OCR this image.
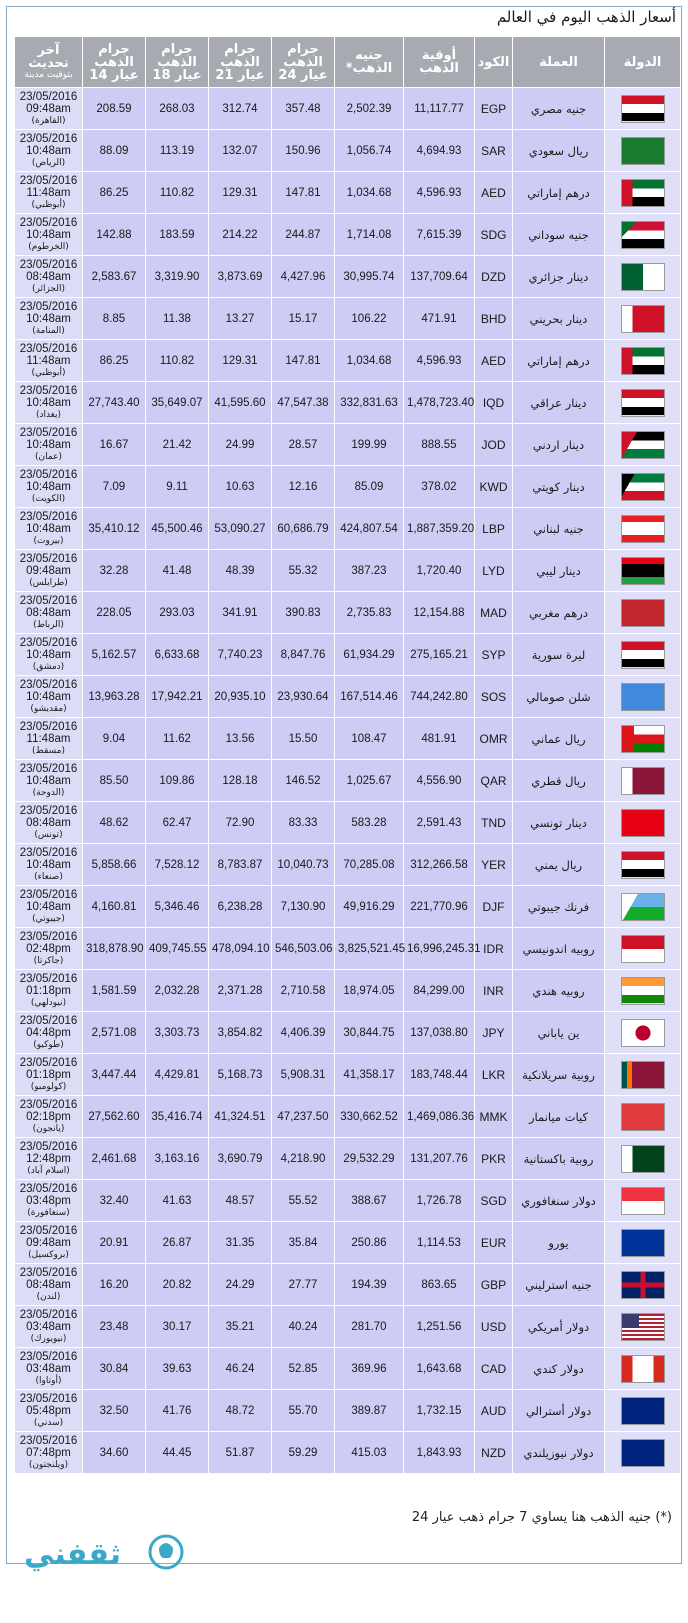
أسعار الذهب اليوم في العالم
الدولة	العملة	الكود	أوقية الذهب	جنيه الذهب*	جرام الذهب عيار 24	جرام الذهب عيار 21	جرام الذهب عيار 18	جرام الذهب عيار 14	آخر تحديث
بتوقيت مدينة

	جنيه مصري	EGP	11,117.77	2,502.39	357.48	312.74	268.03	208.59	23/05/2016
09:48am
(القاهرة)

	ريال سعودي	SAR	4,694.93	1,056.74	150.96	132.07	113.19	88.09	23/05/2016
10:48am
(الرياض)

	درهم إماراتي	AED	4,596.93	1,034.68	147.81	129.31	110.82	86.25	23/05/2016
11:48am
(أبوظبي)

	جنيه سوداني	SDG	7,615.39	1,714.08	244.87	214.22	183.59	142.88	23/05/2016
10:48am
(الخرطوم)

	دينار جزائري	DZD	137,709.64	30,995.74	4,427.96	3,873.69	3,319.90	2,583.67	23/05/2016
08:48am
(الجزائر)

	دينار بحريني	BHD	471.91	106.22	15.17	13.27	11.38	8.85	23/05/2016
10:48am
(المنامة)

	درهم إماراتي	AED	4,596.93	1,034.68	147.81	129.31	110.82	86.25	23/05/2016
11:48am
(أبوظبي)

	دينار عراقي	IQD	1,478,723.40	332,831.63	47,547.38	41,595.60	35,649.07	27,743.40	23/05/2016
10:48am
(بغداد)

	دينار اردني	JOD	888.55	199.99	28.57	24.99	21.42	16.67	23/05/2016
10:48am
(عمان)

	دينار كويتي	KWD	378.02	85.09	12.16	10.63	9.11	7.09	23/05/2016
10:48am
(الكويت)

	جنيه لبناني	LBP	1,887,359.20	424,807.54	60,686.79	53,090.27	45,500.46	35,410.12	23/05/2016
10:48am
(بيروت)

	دينار ليبي	LYD	1,720.40	387.23	55.32	48.39	41.48	32.28	23/05/2016
09:48am
(طرابلس)

	درهم مغربي	MAD	12,154.88	2,735.83	390.83	341.91	293.03	228.05	23/05/2016
08:48am
(الرباط)

	ليرة سورية	SYP	275,165.21	61,934.29	8,847.76	7,740.23	6,633.68	5,162.57	23/05/2016
10:48am
(دمشق)

	شلن صومالي	SOS	744,242.80	167,514.46	23,930.64	20,935.10	17,942.21	13,963.28	23/05/2016
10:48am
(مقديشو)

	ريال عماني	OMR	481.91	108.47	15.50	13.56	11.62	9.04	23/05/2016
11:48am
(مسقط)

	ريال قطري	QAR	4,556.90	1,025.67	146.52	128.18	109.86	85.50	23/05/2016
10:48am
(الدوحة)

	دينار تونسي	TND	2,591.43	583.28	83.33	72.90	62.47	48.62	23/05/2016
08:48am
(تونس)

	ريال يمني	YER	312,266.58	70,285.08	10,040.73	8,783.87	7,528.12	5,858.66	23/05/2016
10:48am
(صنعاء)

	فرنك جيبوتي	DJF	221,770.96	49,916.29	7,130.90	6,238.28	5,346.46	4,160.81	23/05/2016
10:48am
(جيبوتي)

	روبيه اندونيسي	IDR	16,996,245.31	3,825,521.45	546,503.06	478,094.10	409,745.55	318,878.90	23/05/2016
02:48pm
(جاكرتا)

	روبيه هندي	INR	84,299.00	18,974.05	2,710.58	2,371.28	2,032.28	1,581.59	23/05/2016
01:18pm
(نيودلهي)

	ين ياباني	JPY	137,038.80	30,844.75	4,406.39	3,854.82	3,303.73	2,571.08	23/05/2016
04:48pm
(طوكيو)

	روبية سريلانكية	LKR	183,748.44	41,358.17	5,908.31	5,168.73	4,429.81	3,447.44	23/05/2016
01:18pm
(كولومبو)

	كيات ميانمار	MMK	1,469,086.36	330,662.52	47,237.50	41,324.51	35,416.74	27,562.60	23/05/2016
02:18pm
(يانجون)

	روبية باكستانية	PKR	131,207.76	29,532.29	4,218.90	3,690.79	3,163.16	2,461.68	23/05/2016
12:48pm
(اسلام آباد)

	دولار سنغافوري	SGD	1,726.78	388.67	55.52	48.57	41.63	32.40	23/05/2016
03:48pm
(سنغافورة)

	يورو	EUR	1,114.53	250.86	35.84	31.35	26.87	20.91	23/05/2016
09:48am
(بروكسيل)

	جنيه استرليني	GBP	863.65	194.39	27.77	24.29	20.82	16.20	23/05/2016
08:48am
(لندن)

	دولار أمريكي	USD	1,251.56	281.70	40.24	35.21	30.17	23.48	23/05/2016
03:48am
(نيويورك)

	دولار كندي	CAD	1,643.68	369.96	52.85	46.24	39.63	30.84	23/05/2016
03:48am
(أوتاوا)

	دولار أسترالي	AUD	1,732.15	389.87	55.70	48.72	41.76	32.50	23/05/2016
05:48pm
(سدني)

	دولار نيوزيلندي	NZD	1,843.93	415.03	59.29	51.87	44.45	34.60	23/05/2016
07:48pm
(ويلنجتون)
(*) جنيه الذهب هنا يساوي 7 جرام ذهب عيار 24
ثقفني
